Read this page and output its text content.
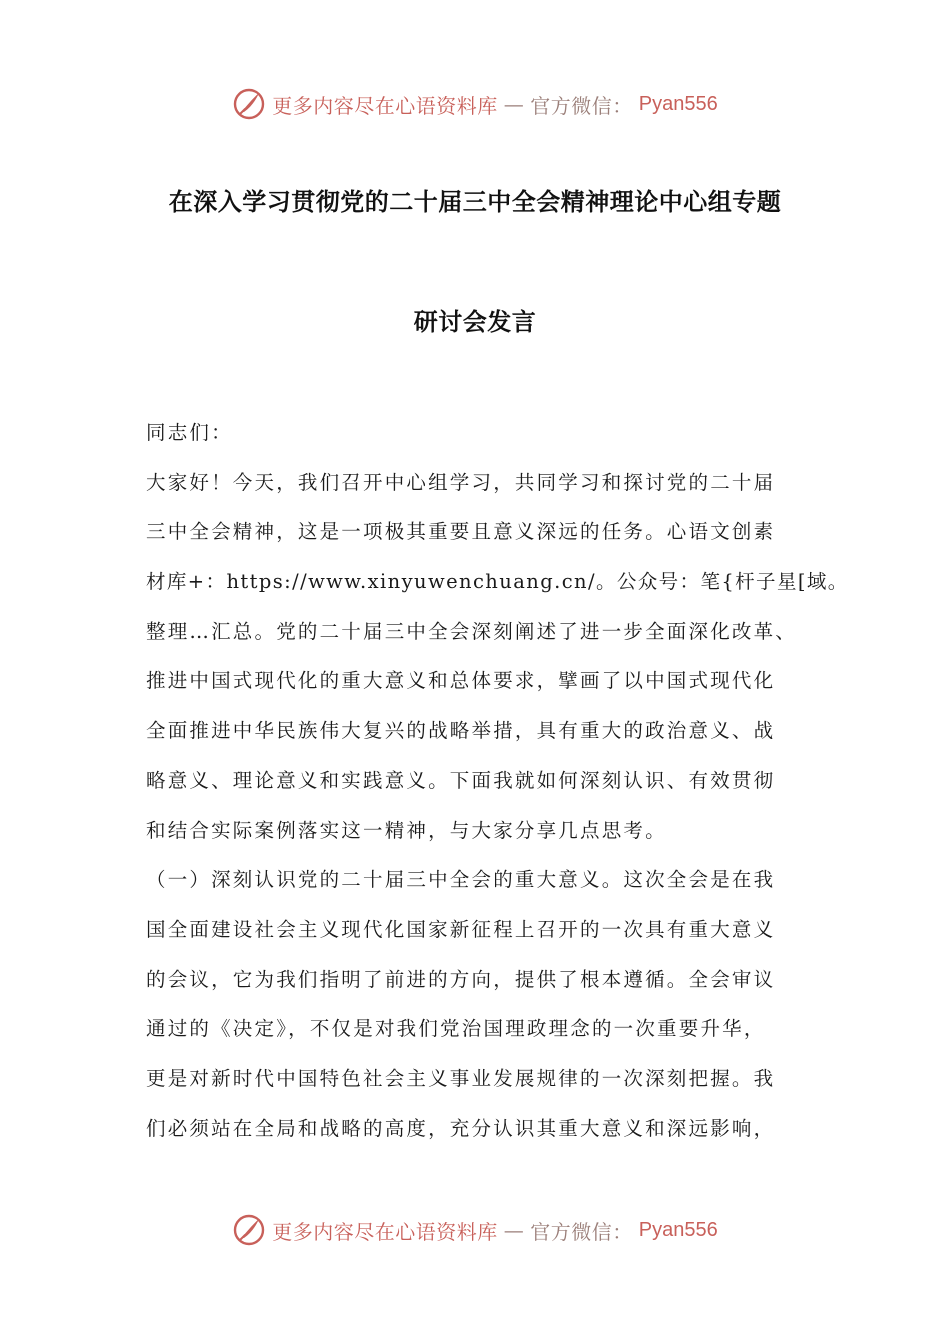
更多内容尽在心语资料库 — 官方微信： Pyan556
在深入学习贯彻党的二十届三中全会精神理论中心组专题
研讨会发言
同志们：
大家好！今天，我们召开中心组学习，共同学习和探讨党的二十届
三中全会精神，这是一项极其重要且意义深远的任务。心语文创素
材库+：https://www.xinyuwenchuang.cn/。公众号：笔{杆子星[域。
整理…汇总。党的二十届三中全会深刻阐述了进一步全面深化改革、
推进中国式现代化的重大意义和总体要求，擘画了以中国式现代化
全面推进中华民族伟大复兴的战略举措，具有重大的政治意义、战
略意义、理论意义和实践意义。下面我就如何深刻认识、有效贯彻
和结合实际案例落实这一精神，与大家分享几点思考。
（一）深刻认识党的二十届三中全会的重大意义。这次全会是在我
国全面建设社会主义现代化国家新征程上召开的一次具有重大意义
的会议，它为我们指明了前进的方向，提供了根本遵循。全会审议
通过的《决定》，不仅是对我们党治国理政理念的一次重要升华，
更是对新时代中国特色社会主义事业发展规律的一次深刻把握。我
们必须站在全局和战略的高度，充分认识其重大意义和深远影响，
更多内容尽在心语资料库 — 官方微信： Pyan556
